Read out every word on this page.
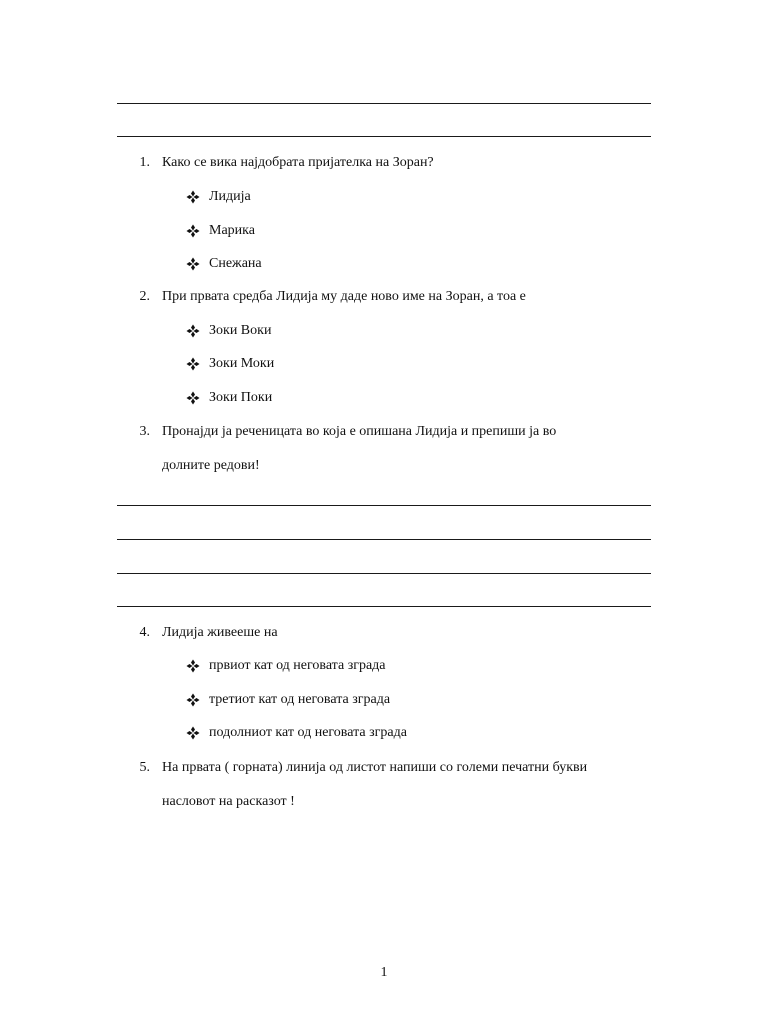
1. Како се вика најдобрата пријателка на Зоран?
Лидија
Марика
Снежана
2. При првата средба Лидија му даде ново име на Зоран, а тоа е
Зоки Воки
Зоки Моки
Зоки Поки
3. Пронајди ја реченицата во која е опишана Лидија и препиши ја во
долните редови!
4. Лидија живееше на
првиот кат од неговата зграда
третиот кат од неговата зграда
подолниот кат од неговата зграда
5. На првата ( горната) линија од листот напиши со големи печатни букви
насловот на расказот !
1
